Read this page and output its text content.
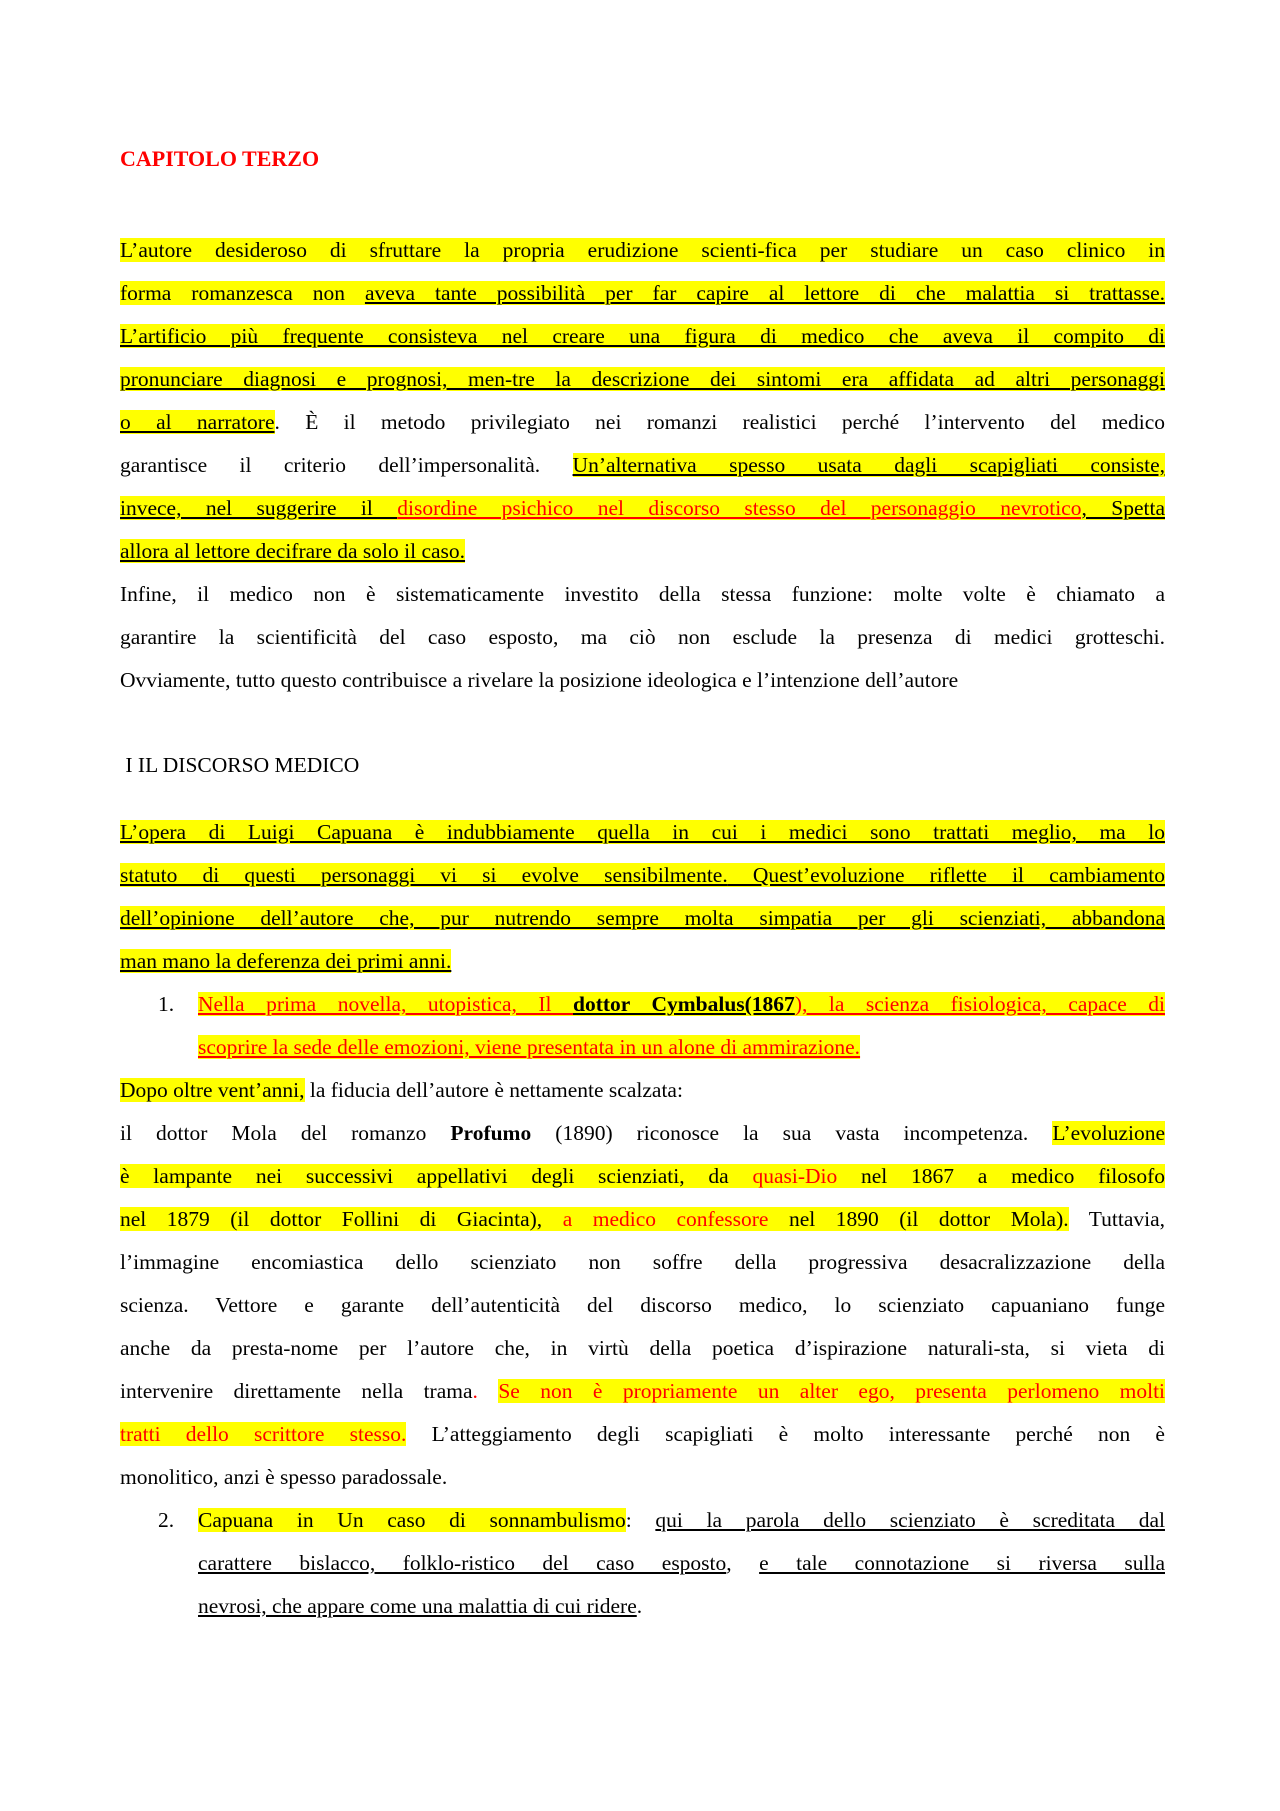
CAPITOLO TERZO
L’autore desideroso di sfruttare la propria erudizione scienti-fica per studiare un caso clinico in
forma romanzesca non aveva tante possibilità per far capire al lettore di che malattia si trattasse.
L’artificio più frequente consisteva nel creare una figura di medico che aveva il compito di
pronunciare diagnosi e prognosi, men-tre la descrizione dei sintomi era affidata ad altri personaggi
o al narratore. È il metodo privilegiato nei romanzi realistici perché l’intervento del medico
garantisce il criterio dell’impersonalità. Un’alternativa spesso usata dagli scapigliati consiste,
invece, nel suggerire il disordine psichico nel discorso stesso del personaggio nevrotico, Spetta
allora al lettore decifrare da solo il caso.
Infine, il medico non è sistematicamente investito della stessa funzione: molte volte è chiamato a
garantire la scientificità del caso esposto, ma ciò non esclude la presenza di medici grotteschi.
Ovviamente, tutto questo contribuisce a rivelare la posizione ideologica e l’intenzione dell’autore
I IL DISCORSO MEDICO
L’opera di Luigi Capuana è indubbiamente quella in cui i medici sono trattati meglio, ma lo
statuto di questi personaggi vi si evolve sensibilmente. Quest’evoluzione riflette il cambiamento
dell’opinione dell’autore che, pur nutrendo sempre molta simpatia per gli scienziati, abbandona
man mano la deferenza dei primi anni.
1. Nella prima novella, utopistica, Il dottor Cymbalus(1867), la scienza fisiologica, capace di
scoprire la sede delle emozioni, viene presentata in un alone di ammirazione.
Dopo oltre vent’anni, la fiducia dell’autore è nettamente scalzata:
il dottor Mola del romanzo Profumo (1890) riconosce la sua vasta incompetenza. L’evoluzione
è lampante nei successivi appellativi degli scienziati, da quasi-Dio nel 1867 a medico filosofo
nel 1879 (il dottor Follini di Giacinta), a medico confessore nel 1890 (il dottor Mola). Tuttavia,
l’immagine encomiastica dello scienziato non soffre della progressiva desacralizzazione della
scienza. Vettore e garante dell’autenticità del discorso medico, lo scienziato capuaniano funge
anche da presta-nome per l’autore che, in virtù della poetica d’ispirazione naturali-sta, si vieta di
intervenire direttamente nella trama. Se non è propriamente un alter ego, presenta perlomeno molti
tratti dello scrittore stesso. L’atteggiamento degli scapigliati è molto interessante perché non è
monolitico, anzi è spesso paradossale.
2. Capuana in Un caso di sonnambulismo: qui la parola dello scienziato è screditata dal
carattere bislacco, folklo-ristico del caso esposto, e tale connotazione si riversa sulla
nevrosi, che appare come una malattia di cui ridere.
